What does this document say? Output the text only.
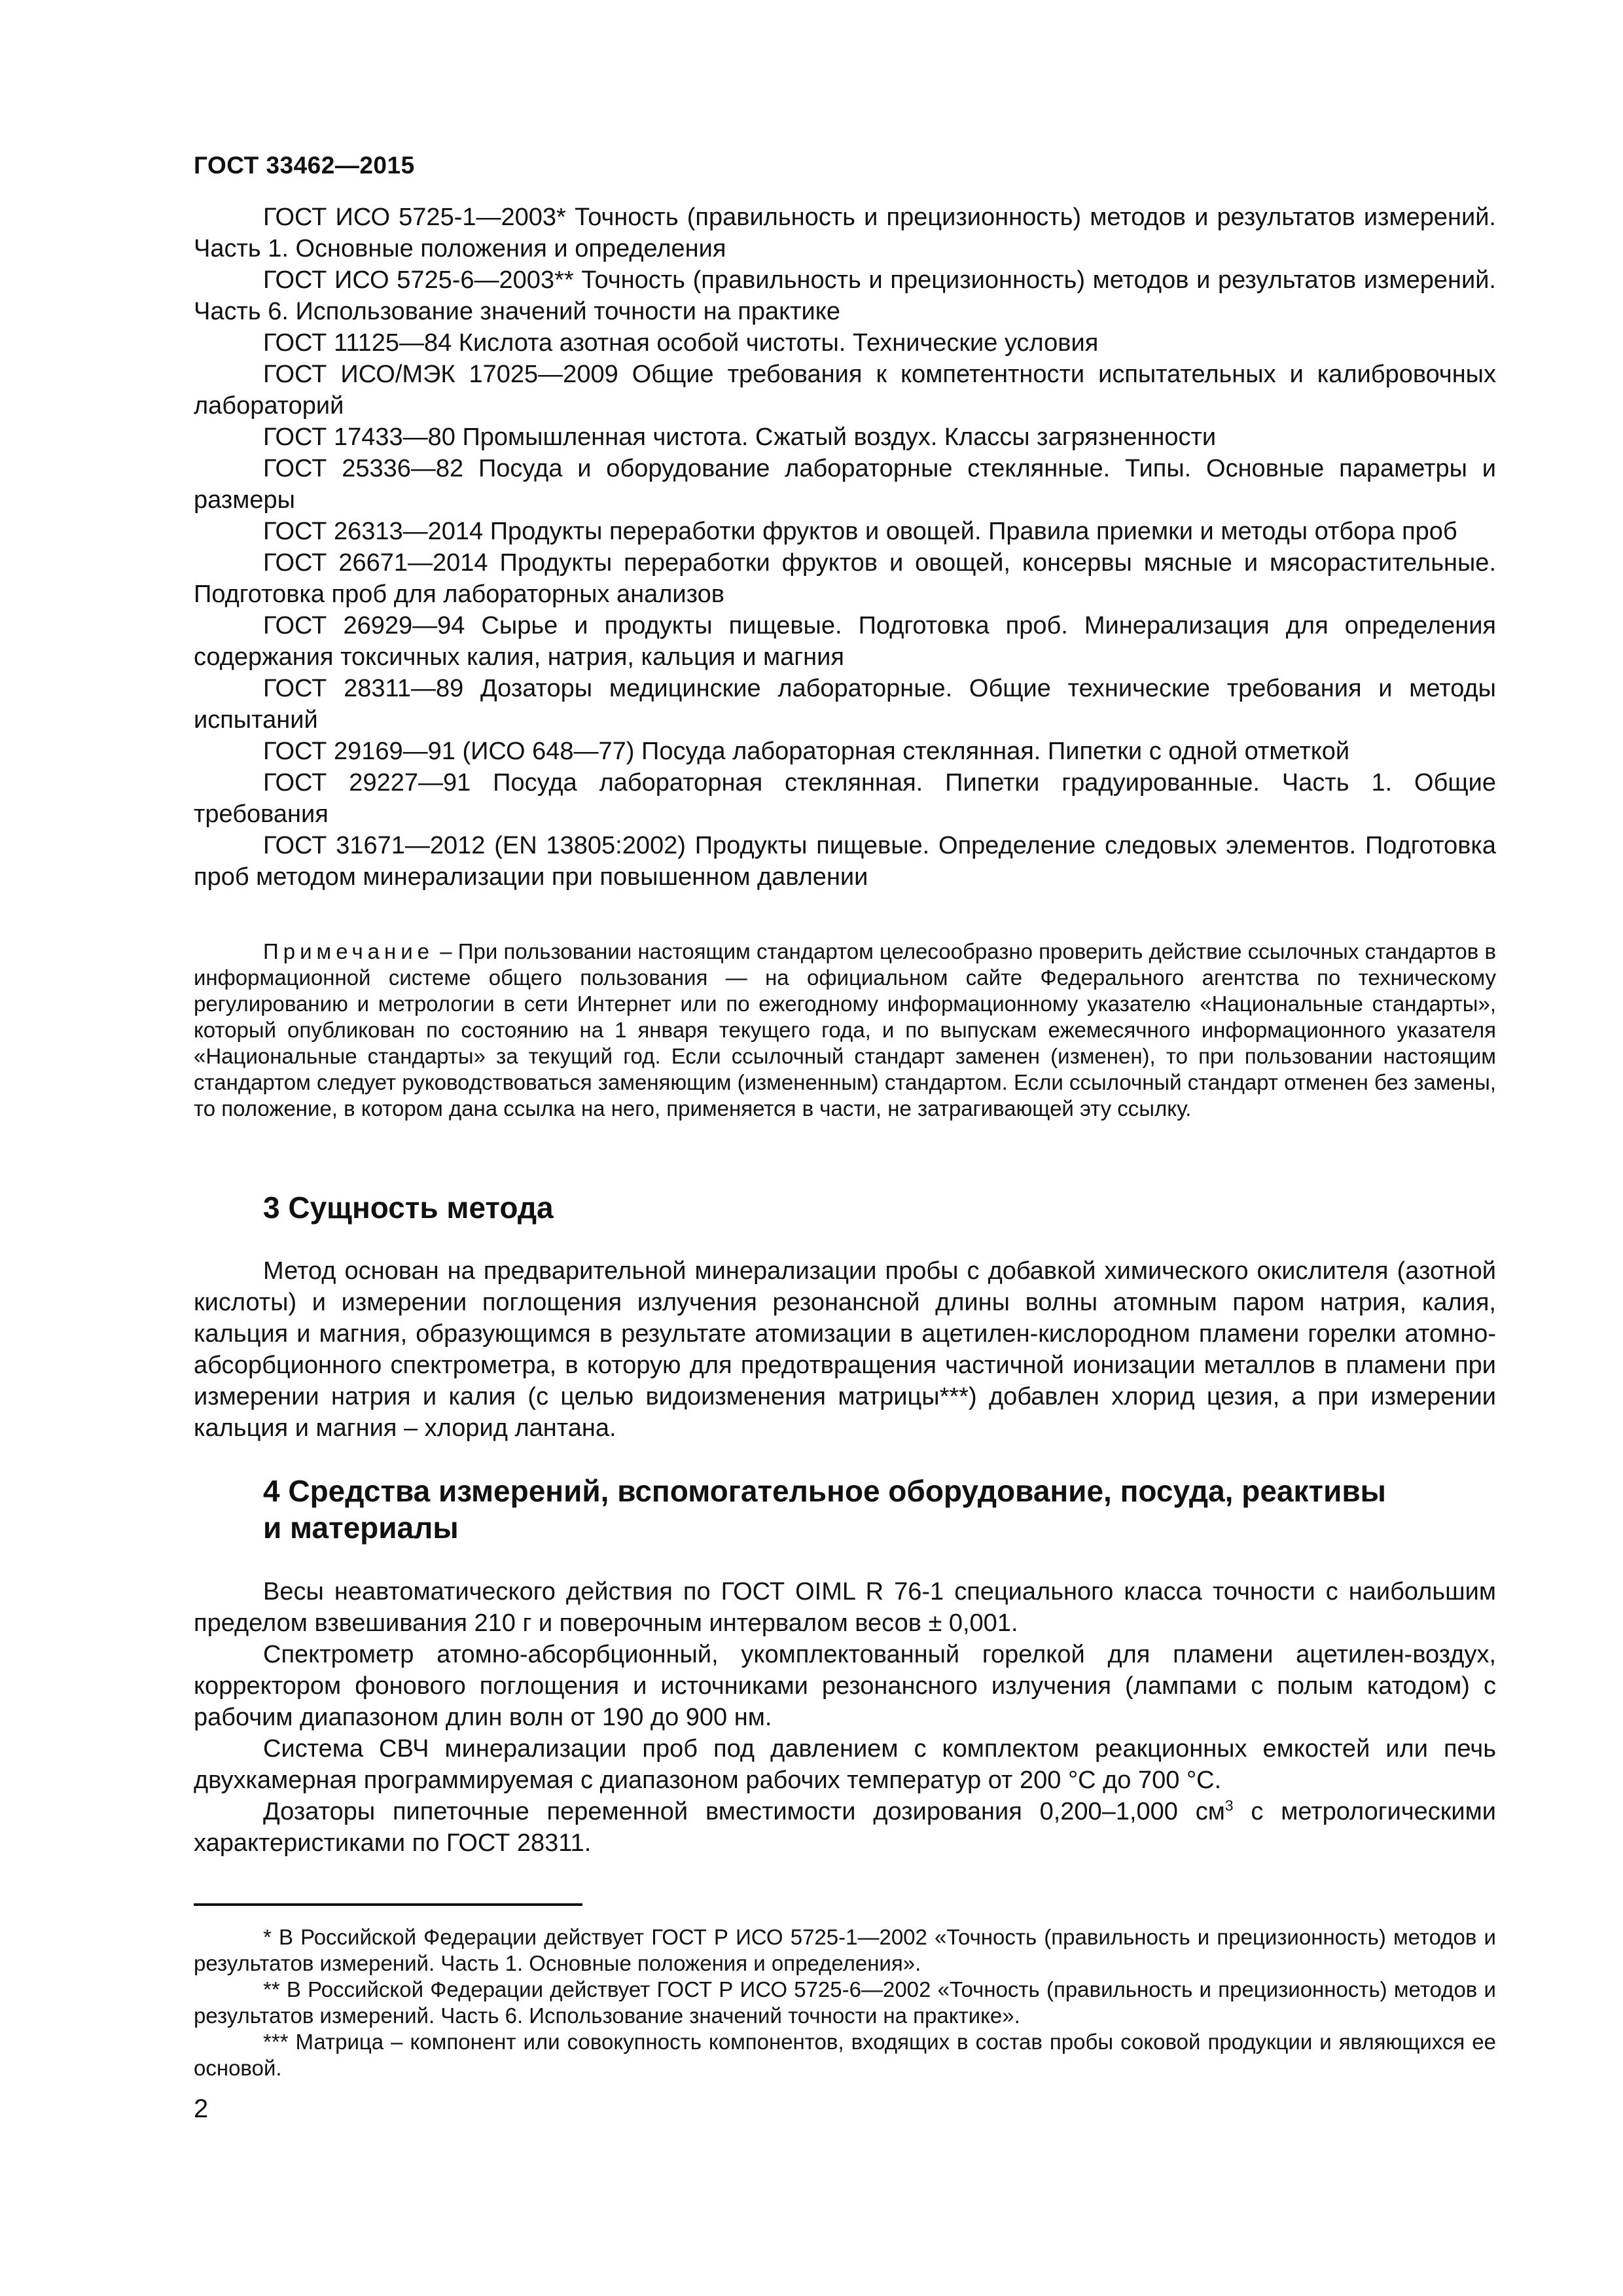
ГОСТ 33462—2015

ГОСТ ИСО 5725-1—2003* Точность (правильность и прецизионность) методов и результатов измерений. Часть 1. Основные положения и определения

ГОСТ ИСО 5725-6—2003** Точность (правильность и прецизионность) методов и результатов измерений. Часть 6. Использование значений точности на практике

ГОСТ 11125—84 Кислота азотная особой чистоты. Технические условия

ГОСТ ИСО/МЭК 17025—2009 Общие требования к компетентности испытательных и калибровочных лабораторий

ГОСТ 17433—80 Промышленная чистота. Сжатый воздух. Классы загрязненности

ГОСТ 25336—82 Посуда и оборудование лабораторные стеклянные. Типы. Основные параметры и размеры

ГОСТ 26313—2014 Продукты переработки фруктов и овощей. Правила приемки и методы отбора проб

ГОСТ 26671—2014 Продукты переработки фруктов и овощей, консервы мясные и мясорастительные. Подготовка проб для лабораторных анализов

ГОСТ 26929—94 Сырье и продукты пищевые. Подготовка проб. Минерализация для определения содержания токсичных калия, натрия, кальция и магния

ГОСТ 28311—89 Дозаторы медицинские лабораторные. Общие технические требования и методы испытаний

ГОСТ 29169—91 (ИСО 648—77) Посуда лабораторная стеклянная. Пипетки с одной отметкой

ГОСТ 29227—91 Посуда лабораторная стеклянная. Пипетки градуированные. Часть 1. Общие требования

ГОСТ 31671—2012 (EN 13805:2002) Продукты пищевые. Определение следовых элементов. Подготовка проб методом минерализации при повышенном давлении

Примечание – При пользовании настоящим стандартом целесообразно проверить действие ссылочных стандартов в информационной системе общего пользования — на официальном сайте Федерального агентства по техническому регулированию и метрологии в сети Интернет или по ежегодному информационному указателю «Национальные стандарты», который опубликован по состоянию на 1 января текущего года, и по выпускам ежемесячного информационного указателя «Национальные стандарты» за текущий год. Если ссылочный стандарт заменен (изменен), то при пользовании настоящим стандартом следует руководствоваться заменяющим (измененным) стандартом. Если ссылочный стандарт отменен без замены, то положение, в котором дана ссылка на него, применяется в части, не затрагивающей эту ссылку.

3 Сущность метода

Метод основан на предварительной минерализации пробы с добавкой химического окислителя (азотной кислоты) и измерении поглощения излучения резонансной длины волны атомным паром натрия, калия, кальция и магния, образующимся в результате атомизации в ацетилен-кислородном пламени горелки атомно-абсорбционного спектрометра, в которую для предотвращения частичной ионизации металлов в пламени при измерении натрия и калия (с целью видоизменения матрицы***) добавлен хлорид цезия, а при измерении кальция и магния – хлорид лантана.

4 Средства измерений, вспомогательное оборудование, посуда, реактивы
и материалы

Весы неавтоматического действия по ГОСТ OIML R 76-1 специального класса точности с наибольшим пределом взвешивания 210 г и поверочным интервалом весов ± 0,001.

Спектрометр атомно-абсорбционный, укомплектованный горелкой для пламени ацетилен-воздух, корректором фонового поглощения и источниками резонансного излучения (лампами с полым катодом) с рабочим диапазоном длин волн от 190 до 900 нм.

Система СВЧ минерализации проб под давлением с комплектом реакционных емкостей или печь двухкамерная программируемая с диапазоном рабочих температур от 200 °С до 700 °С.

Дозаторы пипеточные переменной вместимости дозирования 0,200–1,000 $см^3$ с метрологическими характеристиками по ГОСТ 28311.

* В Российской Федерации действует ГОСТ Р ИСО 5725-1—2002 «Точность (правильность и прецизионность) методов и результатов измерений. Часть 1. Основные положения и определения».

** В Российской Федерации действует ГОСТ Р ИСО 5725-6—2002 «Точность (правильность и прецизионность) методов и результатов измерений. Часть 6. Использование значений точности на практике».

*** Матрица – компонент или совокупность компонентов, входящих в состав пробы соковой продукции и являющихся ее основой.

2
